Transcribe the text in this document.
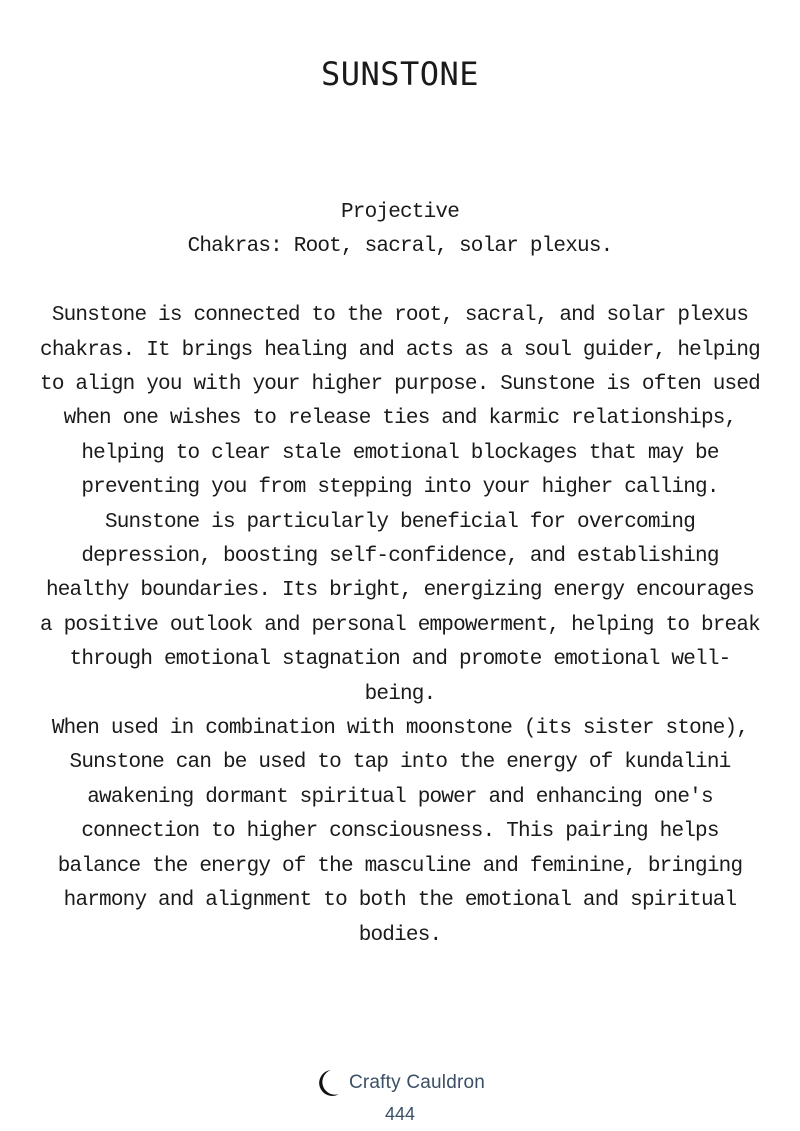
SUNSTONE

Projective

Chakras: Root, sacral, solar plexus.

Sunstone is connected to the root, sacral, and solar plexus chakras. It brings healing and acts as a soul guider, helping to align you with your higher purpose. Sunstone is often used when one wishes to release ties and karmic relationships, helping to clear stale emotional blockages that may be preventing you from stepping into your higher calling.

Sunstone is particularly beneficial for overcoming depression, boosting self-confidence, and establishing healthy boundaries. Its bright, energizing energy encourages a positive outlook and personal empowerment, helping to break through emotional stagnation and promote emotional well-being.

When used in combination with moonstone (its sister stone), Sunstone can be used to tap into the energy of kundalini awakening dormant spiritual power and enhancing one's connection to higher consciousness. This pairing helps balance the energy of the masculine and feminine, bringing harmony and alignment to both the emotional and spiritual bodies.

Crafty Cauldron
444
